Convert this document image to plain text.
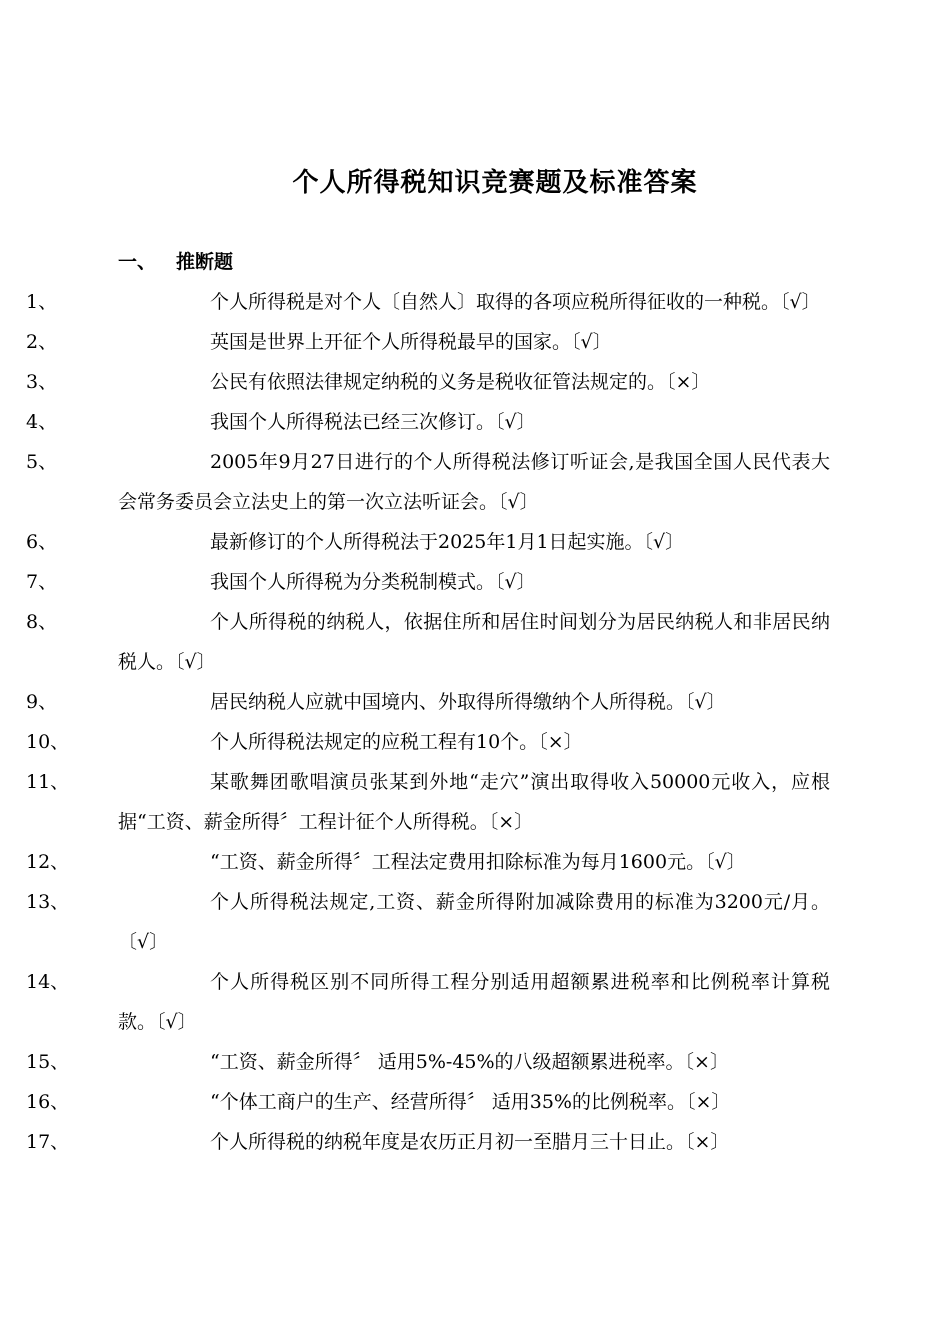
个人所得税知识竞赛题及标准答案
一、 推断题
1、	个人所得税是对个人〔自然人〕取得的各项应税所得征收的一种税。〔√〕
2、	英国是世界上开征个人所得税最早的国家。〔√〕
3、	公民有依照法律规定纳税的义务是税收征管法规定的。〔×〕
4、	我国个人所得税法已经三次修订。〔√〕
5、	2005年9月27日进行的个人所得税法修订听证会,是我国全国人民代表大会常务委员会立法史上的第一次立法听证会。〔√〕
6、	最新修订的个人所得税法于2025年1月1日起实施。〔√〕
7、	我国个人所得税为分类税制模式。〔√〕
8、	个人所得税的纳税人，依据住所和居住时间划分为居民纳税人和非居民纳税人。〔√〕
9、	居民纳税人应就中国境内、外取得所得缴纳个人所得税。〔√〕
10、	个人所得税法规定的应税工程有10个。〔×〕
11、	某歌舞团歌唱演员张某到外地“走穴”演出取得收入50000元收入，应根据“工资、薪金所得〞工程计征个人所得税。〔×〕
12、	“工资、薪金所得〞工程法定费用扣除标准为每月1600元。〔√〕
13、	个人所得税法规定,工资、薪金所得附加减除费用的标准为3200元/月。〔√〕
14、	个人所得税区别不同所得工程分别适用超额累进税率和比例税率计算税款。〔√〕
15、	“工资、薪金所得〞 适用5%-45%的八级超额累进税率。〔×〕
16、	“个体工商户的生产、经营所得〞 适用35%的比例税率。〔×〕
17、	个人所得税的纳税年度是农历正月初一至腊月三十日止。〔×〕
